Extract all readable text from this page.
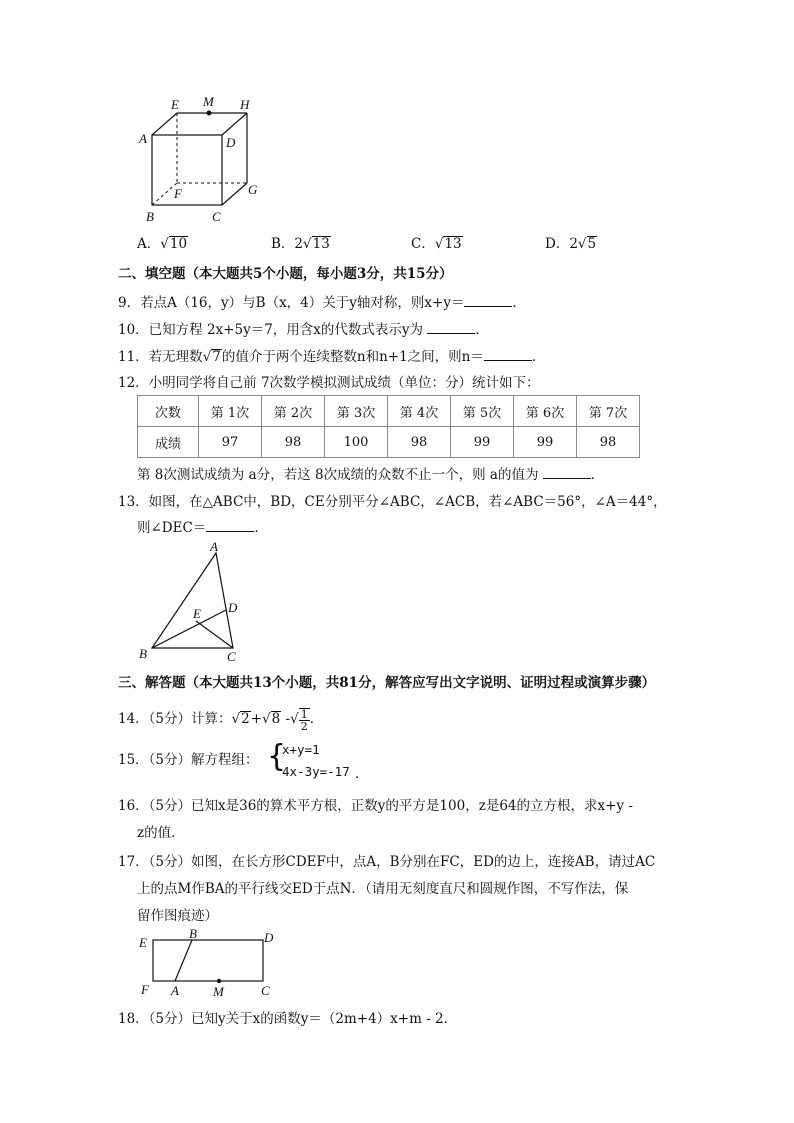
E M H
A	D
F	G
B	C
A．√10	B．2√13	C．√13	D．2√5
二、填空题（本大题共5个小题，每小题3分，共15分）
9．若点A（16，y）与B（x，4）关于y轴对称，则x+y＝	．
10．已知方程 2x+5y＝7，用含x的代数式表示y为	．
11．若无理数√7的值介于两个连续整数n和n+1之间，则n＝	．
12．小明同学将自己前 7次数学模拟测试成绩（单位：分）统计如下：
次数	第 1次	第 2次	第 3次	第 4次	第 5次	第 6次	第 7次
成绩	97	98	100	98	99	99	98
第 8次测试成绩为 a分，若这 8次成绩的众数不止一个，则 a的值为	．
13．如图，在△ABC中，BD，CE分别平分∠ABC，∠ACB，若∠ABC＝56°，∠A＝44°，
则∠DEC＝	．
A
E D
B	C
三、解答题（本大题共13个小题，共81分，解答应写出文字说明、证明过程或演算步骤）
14．（5分）计算：√2+√8 -√ $\frac{1}{2}$ ．
15．（5分）解方程组： {
x+y=1
4x-3y=-17 ．
16．（5分）已知x是36的算术平方根，正数y的平方是100，z是64的立方根，求x+y -
z的值．
17．（5分）如图，在长方形CDEF中，点A，B分别在FC，ED的边上，连接AB，请过AC
上的点M作BA的平行线交ED于点N．（请用无刻度直尺和圆规作图，不写作法，保
留作图痕迹）
E
B	D
F A	M	C
18．（5分）已知y关于x的函数y＝（2m+4）x+m - 2．
